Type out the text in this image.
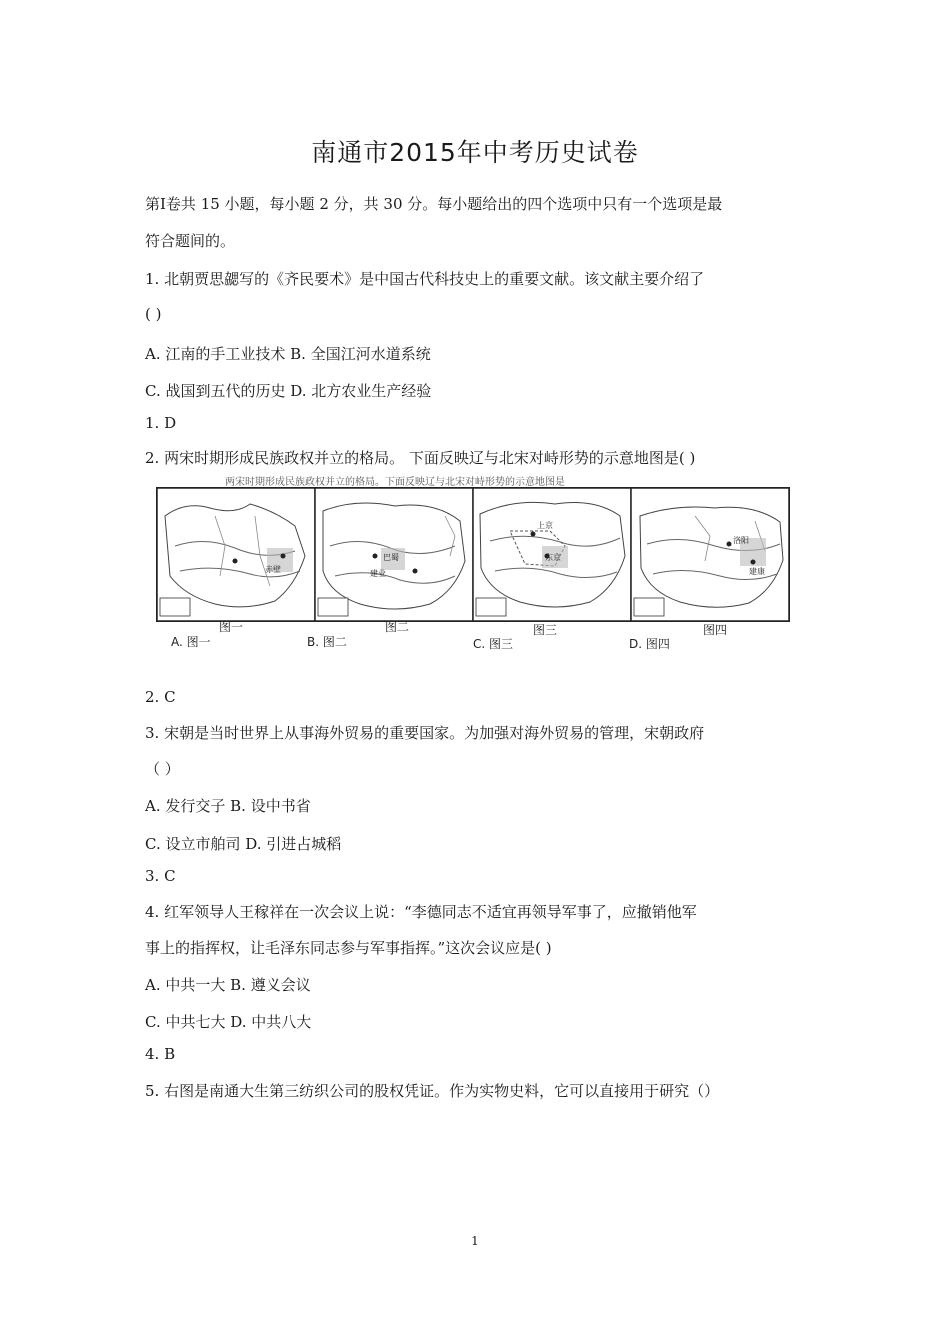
南通市2015年中考历史试卷
第Ⅰ卷共 15 小题，每小题 2 分，共 30 分。每小题给出的四个选项中只有一个选项是最
符合题间的。
1. 北朝贾思勰写的《齐民要术》是中国古代科技史上的重要文献。该文献主要介绍了
( )
A. 江南的手工业技术 B. 全国江河水道系统
C. 战国到五代的历史 D. 北方农业生产经验
1. D
2. 两宋时期形成民族政权并立的格局。 下面反映辽与北宋对峙形势的示意地图是( )
两宋时期形成民族政权并立的格局。下面反映辽与北宋对峙形势的示意地图是
赤壁
图一
A. 图一
巴蜀
建业
图二
B. 图二
上京
东京
图三
C. 图三
洛阳
建康
图四
D. 图四
2. C
3. 宋朝是当时世界上从事海外贸易的重要国家。为加强对海外贸易的管理，宋朝政府
（ ）
A. 发行交子 B. 设中书省
C. 设立市舶司 D. 引进占城稻
3. C
4. 红军领导人王稼祥在一次会议上说：“李德同志不适宜再领导军事了，应撤销他军
事上的指挥权，让毛泽东同志参与军事指挥。”这次会议应是( )
A. 中共一大 B. 遵义会议
C. 中共七大 D. 中共八大
4. B
5. 右图是南通大生第三纺织公司的股权凭证。作为实物史料，它可以直接用于研究（）
1
